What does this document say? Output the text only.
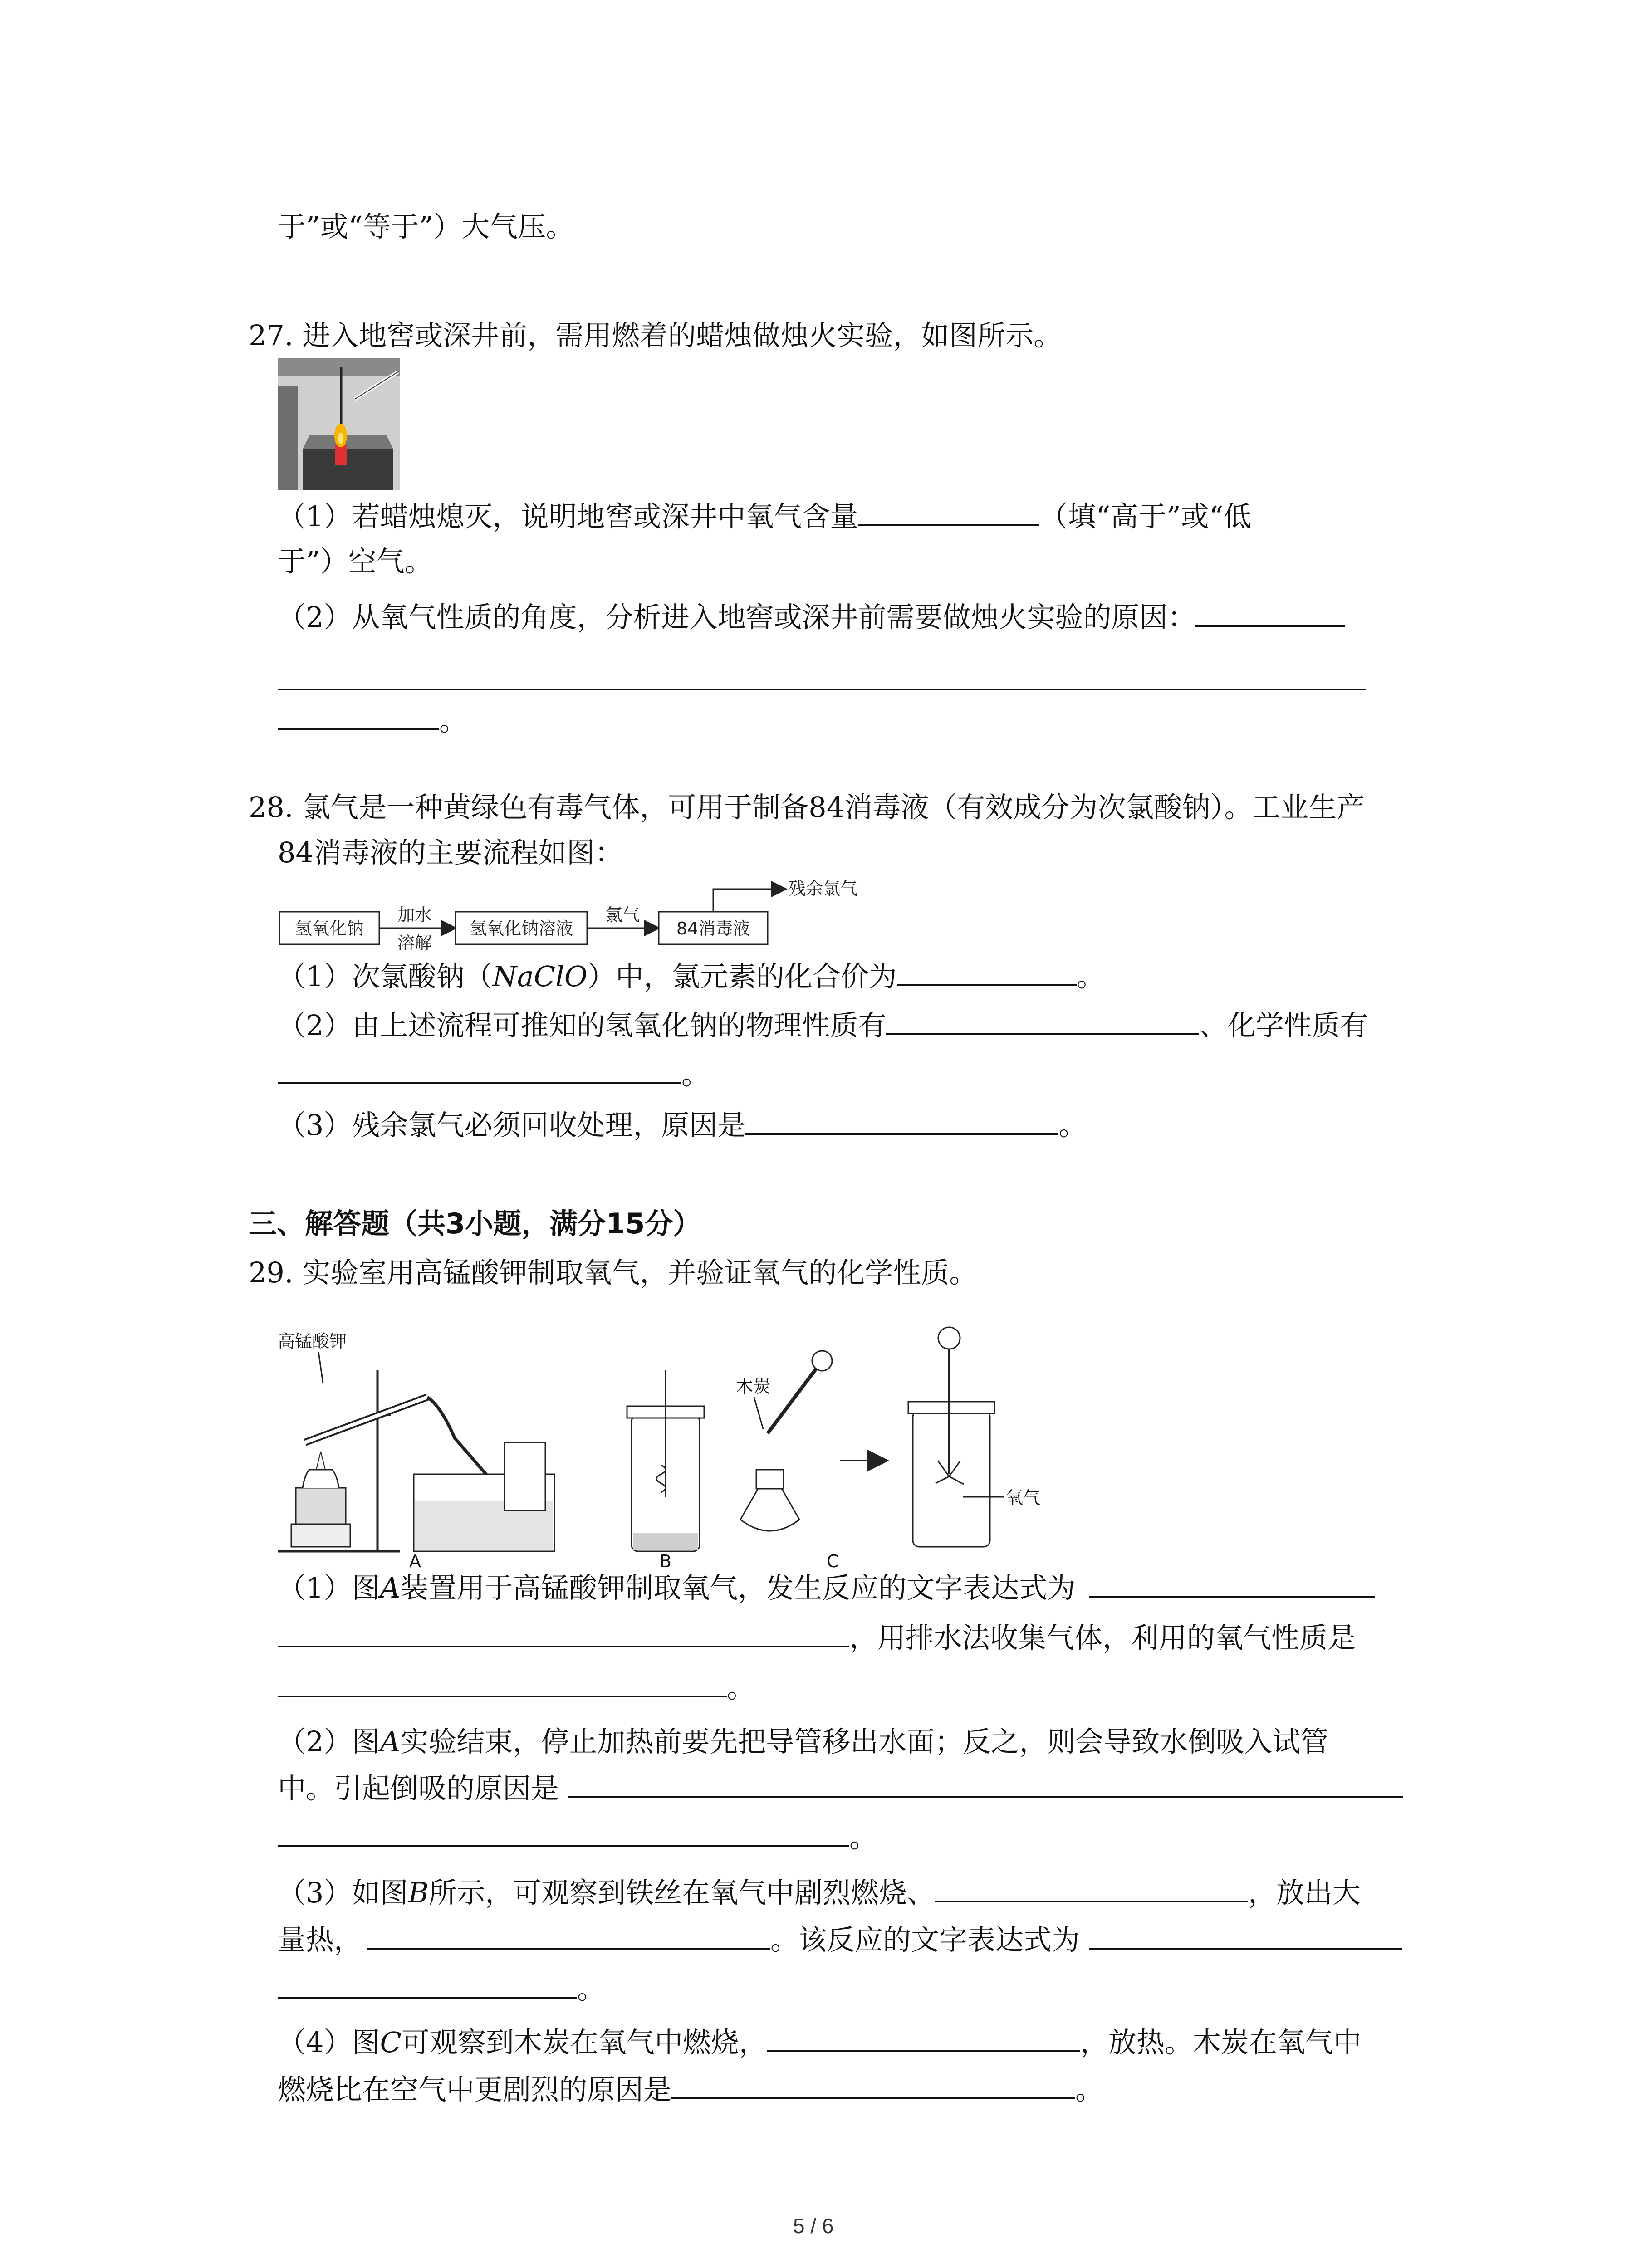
于”或“等于”）大气压。
27. 进入地窖或深井前，需用燃着的蜡烛做烛火实验，如图所示。
（1）若蜡烛熄灭，说明地窖或深井中氧气含量	（填“高于”或“低
于”）空气。
（2）从氧气性质的角度，分析进入地窖或深井前需要做烛火实验的原因：
。
28. 氯气是一种黄绿色有毒气体，可用于制备84消毒液（有效成分为次氯酸钠）。工业生产
84消毒液的主要流程如图：
氢氧化钠
加水
溶解
氢氧化钠溶液
氯气
84消毒液
残余氯气
（1）次氯酸钠（NaClO）中，氯元素的化合价为	。
（2）由上述流程可推知的氢氧化钠的物理性质有	、化学性质有
。
（3）残余氯气必须回收处理，原因是	。
三、解答题（共3小题，满分15分）
29. 实验室用高锰酸钾制取氧气，并验证氧气的化学性质。
高锰酸钾
A	B
木炭
氧气
C
（1）图A装置用于高锰酸钾制取氧气，发生反应的文字表达式为
，用排水法收集气体，利用的氧气性质是
。
（2）图A实验结束，停止加热前要先把导管移出水面；反之，则会导致水倒吸入试管
中。引起倒吸的原因是
。
（3）如图B所示，可观察到铁丝在氧气中剧烈燃烧、	，放出大
量热，	。该反应的文字表达式为
。
（4）图C可观察到木炭在氧气中燃烧，	，放热。木炭在氧气中
燃烧比在空气中更剧烈的原因是	。
5 / 6
